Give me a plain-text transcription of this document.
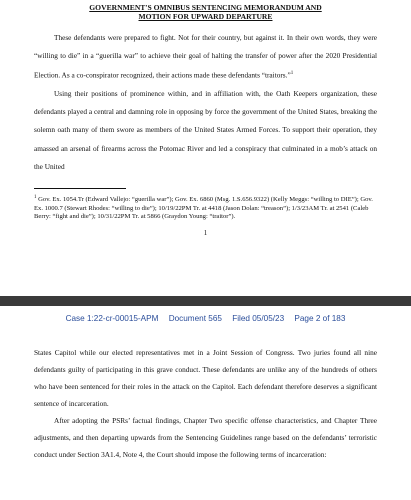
GOVERNMENT'S OMNIBUS SENTENCING MEMORANDUM AND
MOTION FOR UPWARD DEPARTURE

These defendants were prepared to fight. Not for their country, but against it. In their own words, they were “willing to die” in a “guerilla war” to achieve their goal of halting the transfer of power after the 2020 Presidential Election. As a co-conspirator recognized, their actions made these defendants “traitors.”$^1$

Using their positions of prominence within, and in affiliation with, the Oath Keepers organization, these defendants played a central and damning role in opposing by force the government of the United States, breaking the solemn oath many of them swore as members of the United States Armed Forces. To support their operation, they amassed an arsenal of firearms across the Potomac River and led a conspiracy that culminated in a mob’s attack on the United

$^1$ Gov. Ex. 1054.Tr (Edward Vallejo: “guerilla war”); Gov. Ex. 6860 (Msg. 1.S.656.9322) (Kelly Meggs: “willing to DIE”); Gov. Ex. 1000.7 (Stewart Rhodes: “willing to die”); 10/19/22PM Tr. at 4418 (Jason Dolan: “treason”); 1/3/23AM Tr. at 2541 (Caleb Berry: “fight and die”); 10/31/22PM Tr. at 5866 (Graydon Young: “traitor”).

1
Case 1:22-cr-00015-APM Document 565 Filed 05/05/23 Page 2 of 183

States Capitol while our elected representatives met in a Joint Session of Congress. Two juries found all nine defendants guilty of participating in this grave conduct. These defendants are unlike any of the hundreds of others who have been sentenced for their roles in the attack on the Capitol. Each defendant therefore deserves a significant sentence of incarceration.

After adopting the PSRs’ factual findings, Chapter Two specific offense characteristics, and Chapter Three adjustments, and then departing upwards from the Sentencing Guidelines range based on the defendants’ terroristic conduct under Section 3A1.4, Note 4, the Court should impose the following terms of incarceration:
